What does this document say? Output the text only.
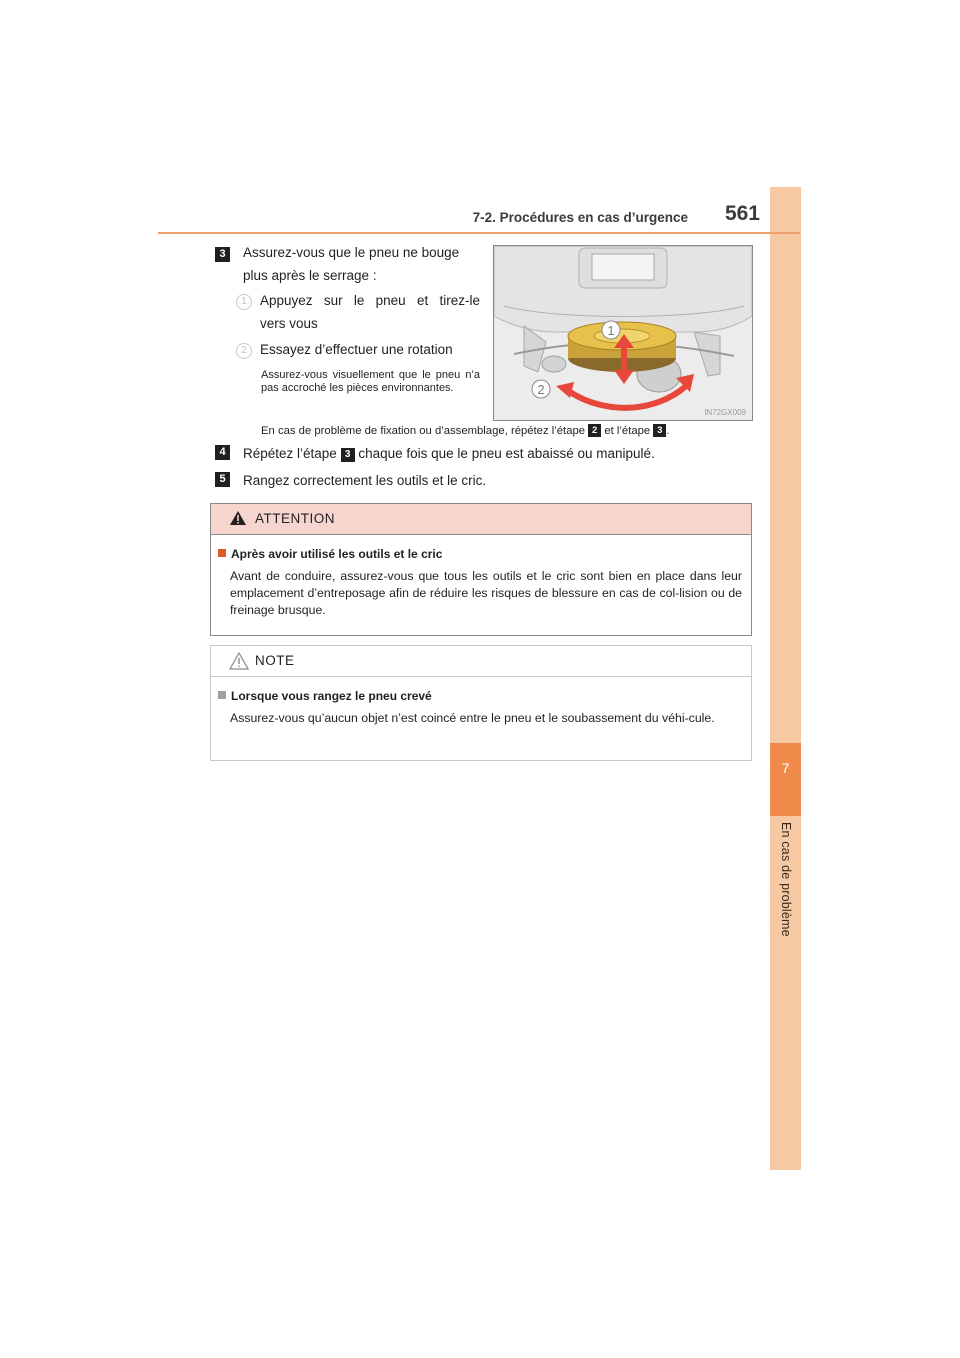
7
En cas de problème
7-2. Procédures en cas d’urgence	561
3	Assurez-vous que le pneu ne bouge
plus après le serrage :
1 Appuyez sur le pneu et tirez-le
vers vous
2 Essayez d’effectuer une rotation
Assurez-vous visuellement que le pneu n’a pas accroché les pièces environnantes.
En cas de problème de fixation ou d’assemblage, répétez l’étape 2 et l’étape 3 .
1
2
IN72GX009
4	Répétez l’étape 3 chaque fois que le pneu est abaissé ou manipulé.
5	Rangez correctement les outils et le cric.
ATTENTION
Après avoir utilisé les outils et le cric
Avant de conduire, assurez-vous que tous les outils et le cric sont bien en place dans leur emplacement d’entreposage afin de réduire les risques de blessure en cas de col-lision ou de freinage brusque.
NOTE
Lorsque vous rangez le pneu crevé
Assurez-vous qu’aucun objet n’est coincé entre le pneu et le soubassement du véhi-cule.
